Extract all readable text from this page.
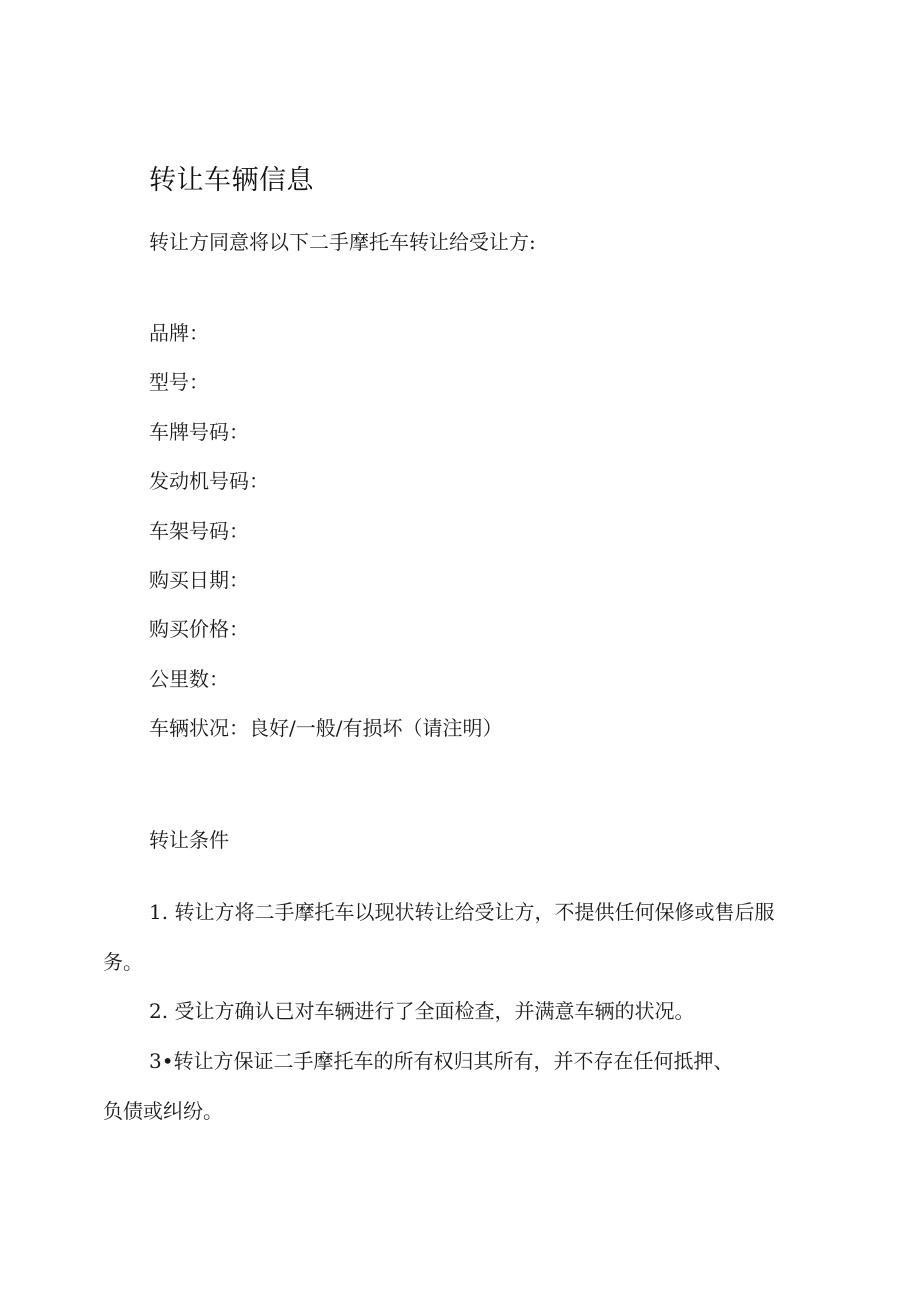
转让车辆信息
转让方同意将以下二手摩托车转让给受让方:
品牌：
型号：
车牌号码：
发动机号码：
车架号码：
购买日期：
购买价格：
公里数：
车辆状况：良好/一般/有损坏（请注明）
转让条件

1. 转让方将二手摩托车以现状转让给受让方，不提供任何保修或售后服务。

2. 受让方确认已对车辆进行了全面检查，并满意车辆的状况。

3•转让方保证二手摩托车的所有权归其所有，并不存在任何抵押、负债或纠纷。
